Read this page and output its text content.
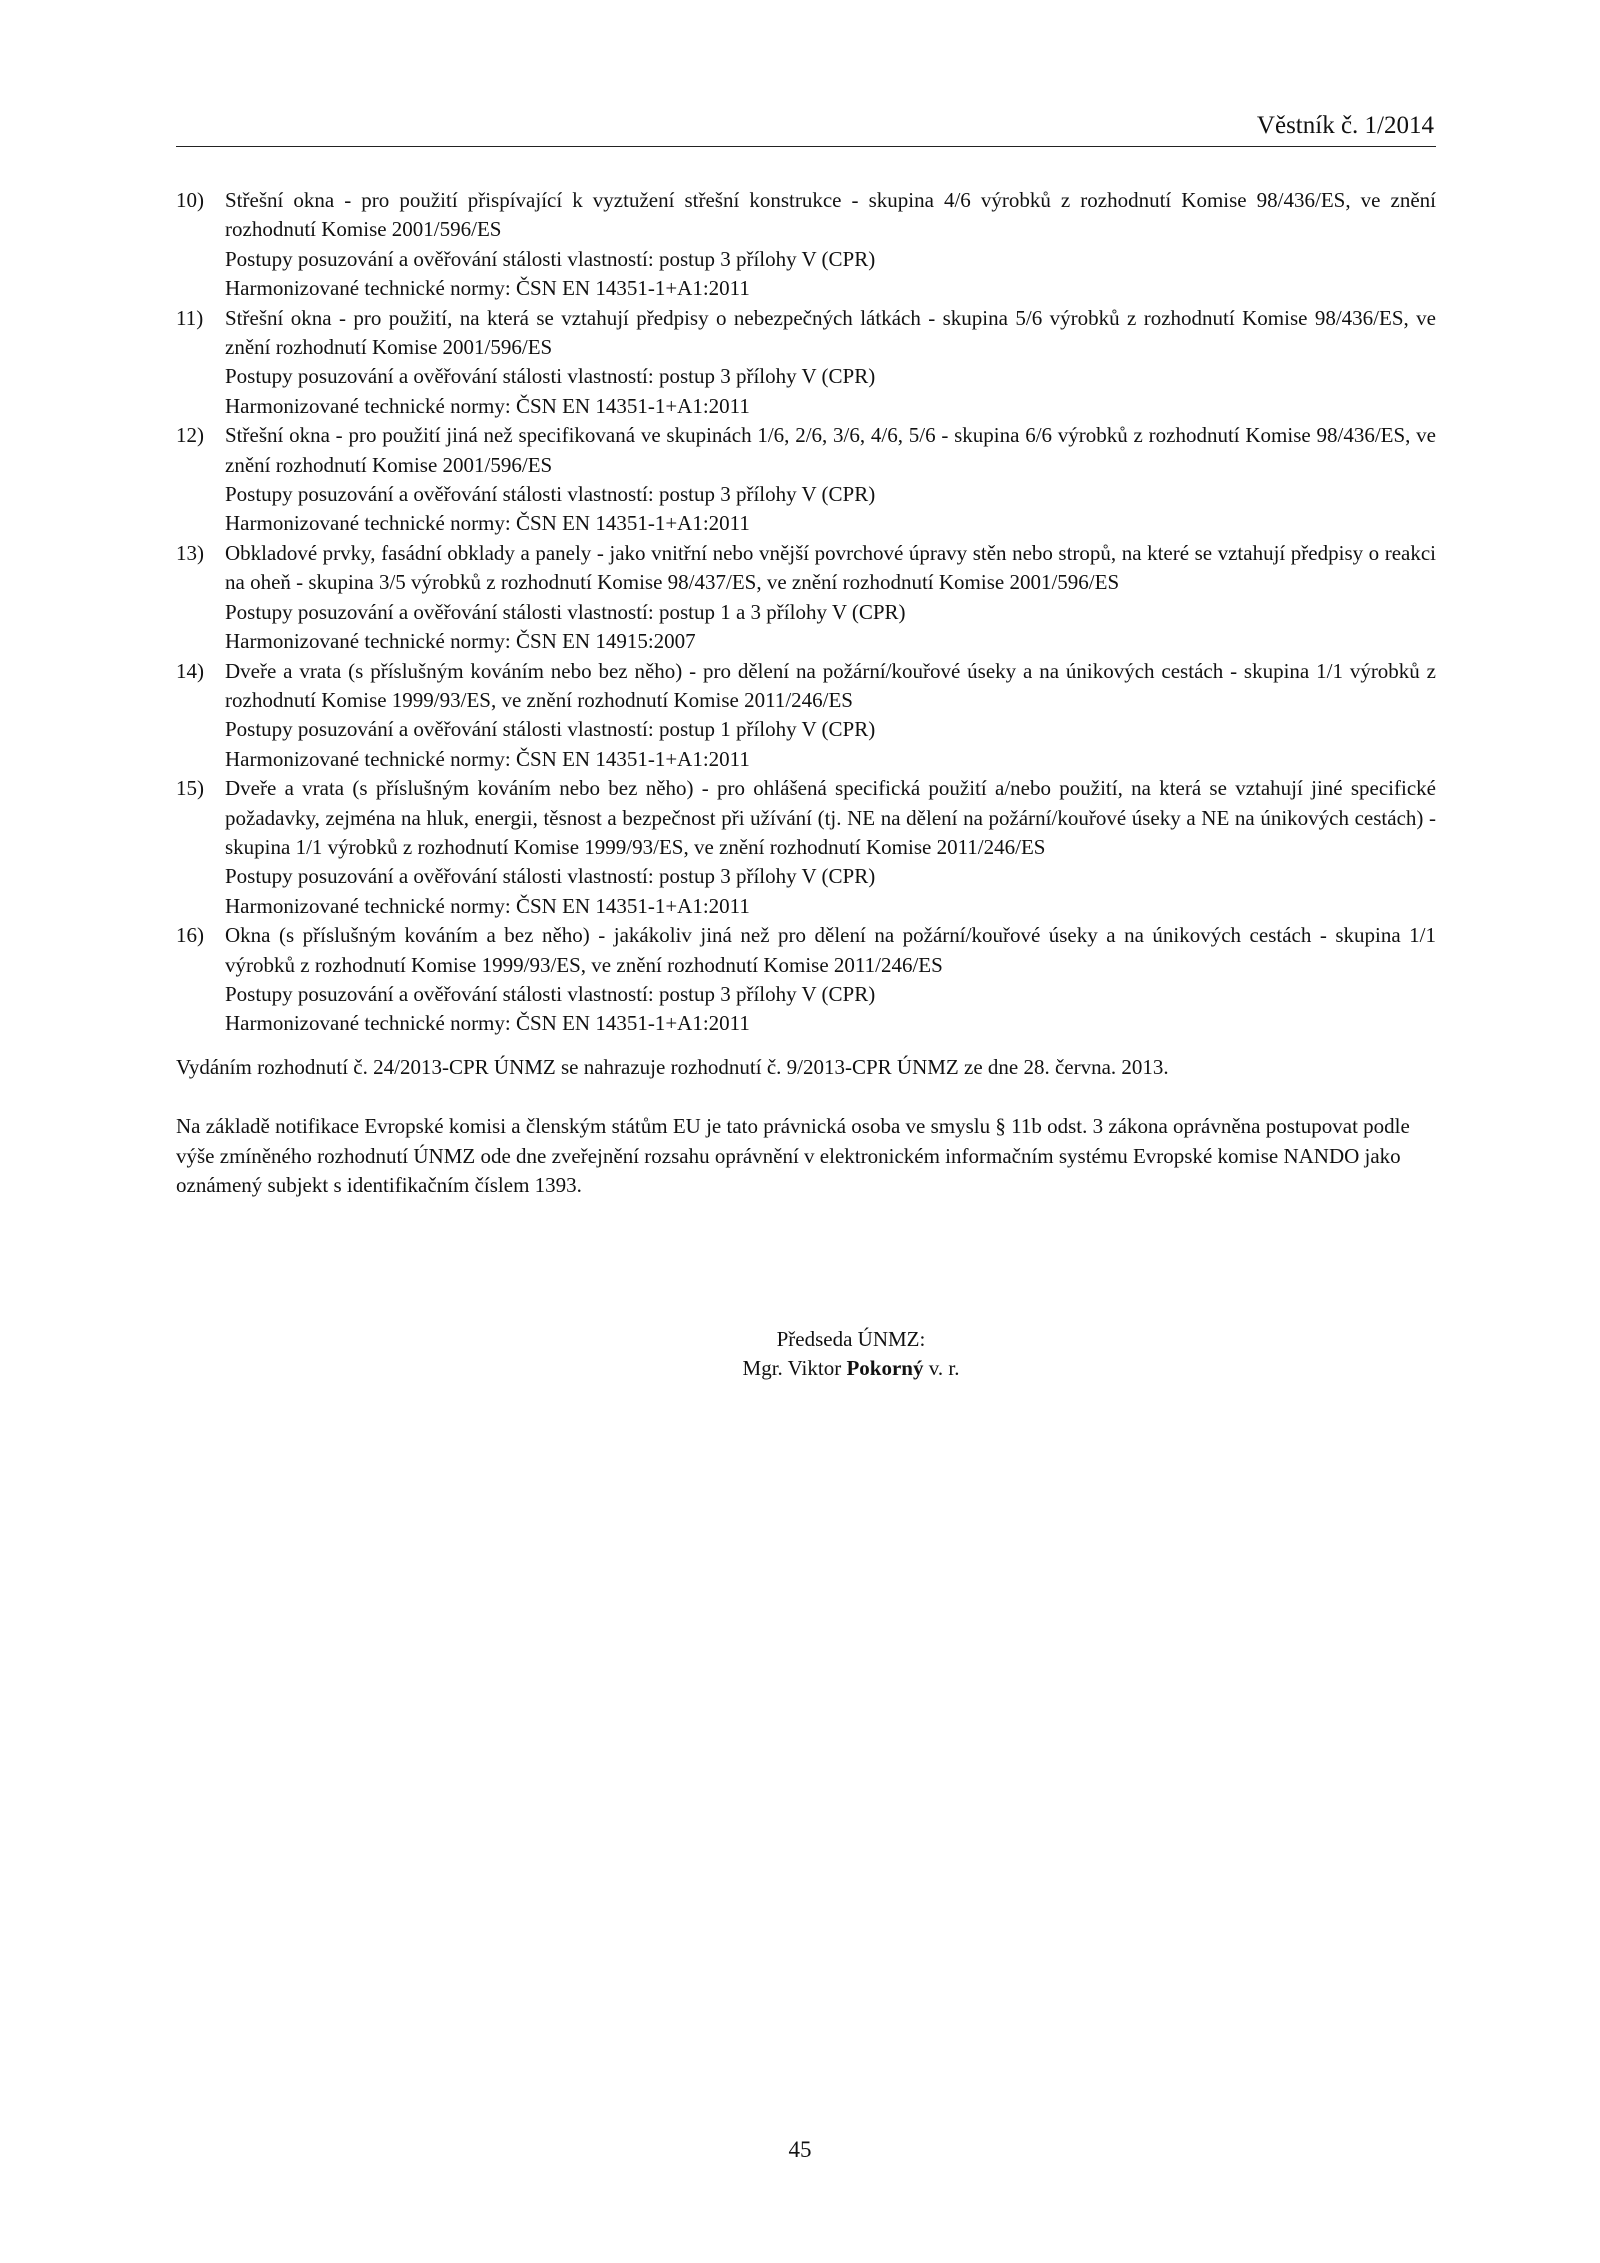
Věstník č. 1/2014
10)	Střešní okna - pro použití přispívající k vyztužení střešní konstrukce - skupina 4/6 výrobků z rozhodnutí Komise 98/436/ES, ve znění rozhodnutí Komise 2001/596/ES
Postupy posuzování a ověřování stálosti vlastností: postup 3 přílohy V (CPR)
Harmonizované technické normy: ČSN EN 14351-1+A1:2011
11)	Střešní okna - pro použití, na která se vztahují předpisy o nebezpečných látkách - skupina 5/6 výrobků z rozhodnutí Komise 98/436/ES, ve znění rozhodnutí Komise 2001/596/ES
Postupy posuzování a ověřování stálosti vlastností: postup 3 přílohy V (CPR)
Harmonizované technické normy: ČSN EN 14351-1+A1:2011
12)	Střešní okna - pro použití jiná než specifikovaná ve skupinách 1/6, 2/6, 3/6, 4/6, 5/6 - skupina 6/6 výrobků z rozhodnutí Komise 98/436/ES, ve znění rozhodnutí Komise 2001/596/ES
Postupy posuzování a ověřování stálosti vlastností: postup 3 přílohy V (CPR)
Harmonizované technické normy: ČSN EN 14351-1+A1:2011
13)	Obkladové prvky, fasádní obklady a panely - jako vnitřní nebo vnější povrchové úpravy stěn nebo stropů, na které se vztahují předpisy o reakci na oheň - skupina 3/5 výrobků z rozhodnutí Komise 98/437/ES, ve znění rozhodnutí Komise 2001/596/ES
Postupy posuzování a ověřování stálosti vlastností: postup 1 a 3 přílohy V (CPR)
Harmonizované technické normy: ČSN EN 14915:2007
14)	Dveře a vrata (s příslušným kováním nebo bez něho) - pro dělení na požární/kouřové úseky a na únikových cestách - skupina 1/1 výrobků z rozhodnutí Komise 1999/93/ES, ve znění rozhodnutí Komise 2011/246/ES
Postupy posuzování a ověřování stálosti vlastností: postup 1 přílohy V (CPR)
Harmonizované technické normy: ČSN EN 14351-1+A1:2011
15)	Dveře a vrata (s příslušným kováním nebo bez něho) - pro ohlášená specifická použití a/nebo použití, na která se vztahují jiné specifické požadavky, zejména na hluk, energii, těsnost a bezpečnost při užívání (tj. NE na dělení na požární/kouřové úseky a NE na únikových cestách) - skupina 1/1 výrobků z rozhodnutí Komise 1999/93/ES, ve znění rozhodnutí Komise 2011/246/ES
Postupy posuzování a ověřování stálosti vlastností: postup 3 přílohy V (CPR)
Harmonizované technické normy: ČSN EN 14351-1+A1:2011
16)	Okna (s příslušným kováním a bez něho) - jakákoliv jiná než pro dělení na požární/kouřové úseky a na únikových cestách - skupina 1/1 výrobků z rozhodnutí Komise 1999/93/ES, ve znění rozhodnutí Komise 2011/246/ES
Postupy posuzování a ověřování stálosti vlastností: postup 3 přílohy V (CPR)
Harmonizované technické normy: ČSN EN 14351-1+A1:2011
Vydáním rozhodnutí č. 24/2013-CPR ÚNMZ se nahrazuje rozhodnutí č. 9/2013-CPR ÚNMZ ze dne 28. června. 2013.
Na základě notifikace Evropské komisi a členským státům EU je tato právnická osoba ve smyslu § 11b odst. 3 zákona oprávněna postupovat podle výše zmíněného rozhodnutí ÚNMZ ode dne zveřejnění rozsahu oprávnění v elektronickém informačním systému Evropské komise NANDO jako oznámený subjekt s identifikačním číslem 1393.
Předseda ÚNMZ:
Mgr. Viktor Pokorný v. r.
45
